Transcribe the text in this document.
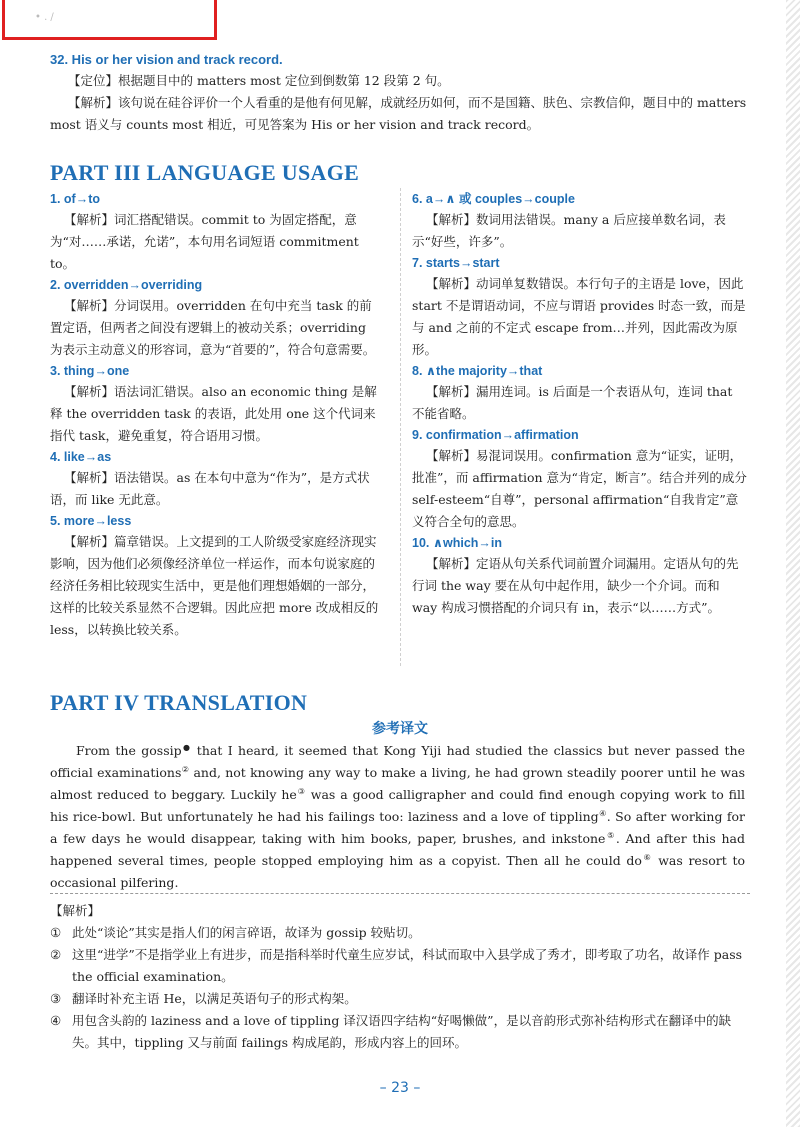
• . /
32. His or her vision and track record.

【定位】根据题目中的 matters most 定位到倒数第 12 段第 2 句。

【解析】该句说在硅谷评价一个人看重的是他有何见解，成就经历如何，而不是国籍、肤色、宗教信仰，题目中的 matters most 语义与 counts most 相近，可见答案为 His or her vision and track record。

PART III LANGUAGE USAGE
1. of→to

【解析】词汇搭配错误。commit to 为固定搭配，意为“对……承诺，允诺”，本句用名词短语 commitment to。

2. overridden→overriding

【解析】分词误用。overridden 在句中充当 task 的前置定语，但两者之间没有逻辑上的被动关系；overriding 为表示主动意义的形容词，意为“首要的”，符合句意需要。

3. thing→one

【解析】语法词汇错误。also an economic thing 是解释 the overridden task 的表语，此处用 one 这个代词来指代 task，避免重复，符合语用习惯。

4. like→as

【解析】语法错误。as 在本句中意为“作为”，是方式状语，而 like 无此意。

5. more→less

【解析】篇章错误。上文提到的工人阶级受家庭经济现实影响，因为他们必须像经济单位一样运作，而本句说家庭的经济任务相比较现实生活中，更是他们理想婚姻的一部分，这样的比较关系显然不合逻辑。因此应把 more 改成相反的 less，以转换比较关系。

6. a→∧ 或 couples→couple

【解析】数词用法错误。many a 后应接单数名词，表示“好些，许多”。

7. starts→start

【解析】动词单复数错误。本行句子的主语是 love，因此 start 不是谓语动词，不应与谓语 provides 时态一致，而是与 and 之前的不定式 escape from…并列，因此需改为原形。

8. ∧the majority→that

【解析】漏用连词。is 后面是一个表语从句，连词 that 不能省略。

9. confirmation→affirmation

【解析】易混词误用。confirmation 意为“证实，证明，批准”，而 affirmation 意为“肯定，断言”。结合并列的成分 self-esteem“自尊”，personal affirmation“自我肯定”意义符合全句的意思。

10. ∧which→in

【解析】定语从句关系代词前置介词漏用。定语从句的先行词 the way 要在从句中起作用，缺少一个介词。而和 way 构成习惯搭配的介词只有 in，表示“以……方式”。

PART IV TRANSLATION
参考译文

From the gossip● that I heard, it seemed that Kong Yiji had studied the classics but never passed the official examinations② and, not knowing any way to make a living, he had grown steadily poorer until he was almost reduced to beggary. Luckily he③ was a good calligrapher and could find enough copying work to fill his rice-bowl. But unfortunately he had his failings too: laziness and a love of tippling④. So after working for a few days he would disappear, taking with him books, paper, brushes, and inkstone⑤. And after this had happened several times, people stopped employing him as a copyist. Then all he could do⑥ was resort to occasional pilfering.

【解析】

① 此处“谈论”其实是指人们的闲言碎语，故译为 gossip 较贴切。
② 这里“进学”不是指学业上有进步，而是指科举时代童生应岁试，科试而取中入县学成了秀才，即考取了功名，故译作 pass the official examination。
③ 翻译时补充主语 He，以满足英语句子的形式构架。
④ 用包含头韵的 laziness and a love of tippling 译汉语四字结构“好喝懒做”，是以音韵形式弥补结构形式在翻译中的缺失。其中，tippling 又与前面 failings 构成尾韵，形成内容上的回环。
– 23 –
